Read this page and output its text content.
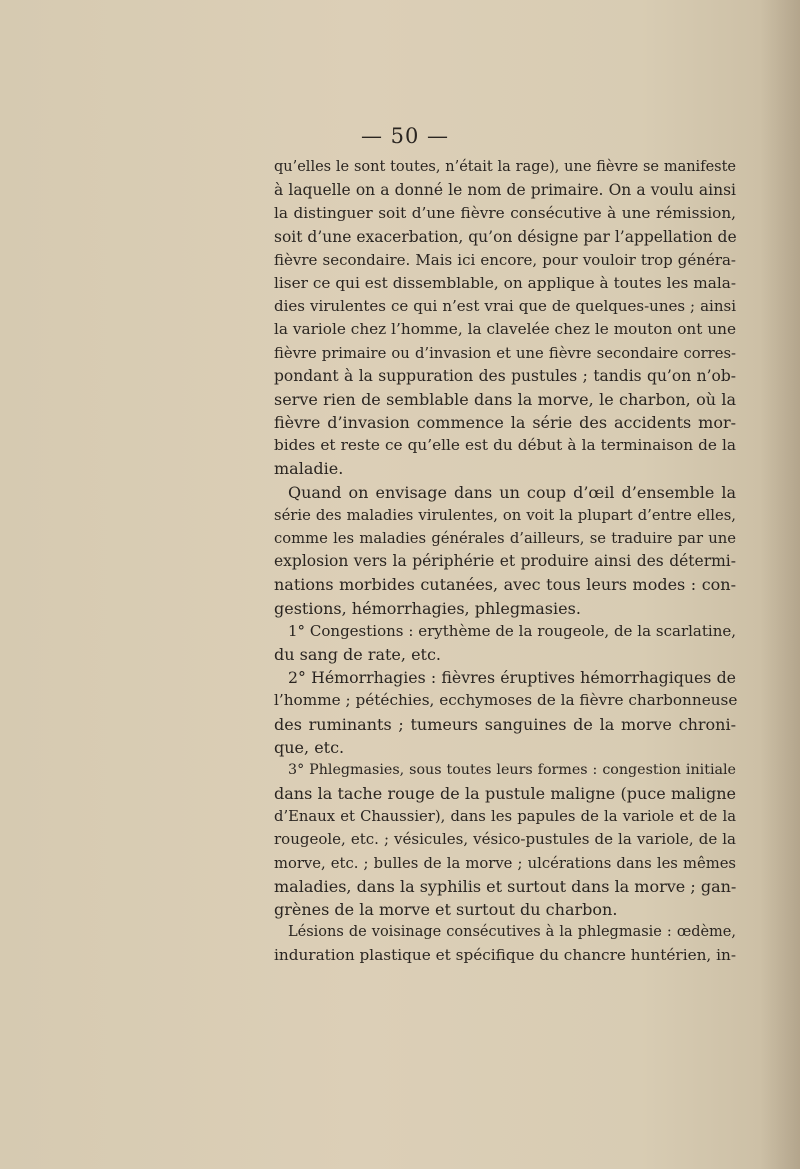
— 50 —
qu’elles le sont toutes, n’était la rage), une fièvre se manifeste
à laquelle on a donné le nom de primaire. On a voulu ainsi
la distinguer soit d’une fièvre consécutive à une rémission,
soit d’une exacerbation, qu’on désigne par l’appellation de
fièvre secondaire. Mais ici encore, pour vouloir trop généra-
liser ce qui est dissemblable, on applique à toutes les mala-
dies virulentes ce qui n’est vrai que de quelques-unes ; ainsi
la variole chez l’homme, la clavelée chez le mouton ont une
fièvre primaire ou d’invasion et une fièvre secondaire corres-
pondant à la suppuration des pustules ; tandis qu’on n’ob-
serve rien de semblable dans la morve, le charbon, où la
fièvre d’invasion commence la série des accidents mor-
bides et reste ce qu’elle est du début à la terminaison de la
maladie.
Quand on envisage dans un coup d’œil d’ensemble la
série des maladies virulentes, on voit la plupart d’entre elles,
comme les maladies générales d’ailleurs, se traduire par une
explosion vers la périphérie et produire ainsi des détermi-
nations morbides cutanées, avec tous leurs modes : con-
gestions, hémorrhagies, phlegmasies.
1° Congestions : erythème de la rougeole, de la scarlatine,
du sang de rate, etc.
2° Hémorrhagies : fièvres éruptives hémorrhagiques de
l’homme ; pétéchies, ecchymoses de la fièvre charbonneuse
des ruminants ; tumeurs sanguines de la morve chroni-
que, etc.
3° Phlegmasies, sous toutes leurs formes : congestion initiale
dans la tache rouge de la pustule maligne (puce maligne
d’Enaux et Chaussier), dans les papules de la variole et de la
rougeole, etc. ; vésicules, vésico-pustules de la variole, de la
morve, etc. ; bulles de la morve ; ulcérations dans les mêmes
maladies, dans la syphilis et surtout dans la morve ; gan-
grènes de la morve et surtout du charbon.
Lésions de voisinage consécutives à la phlegmasie : œdème,
induration plastique et spécifique du chancre huntérien, in-
